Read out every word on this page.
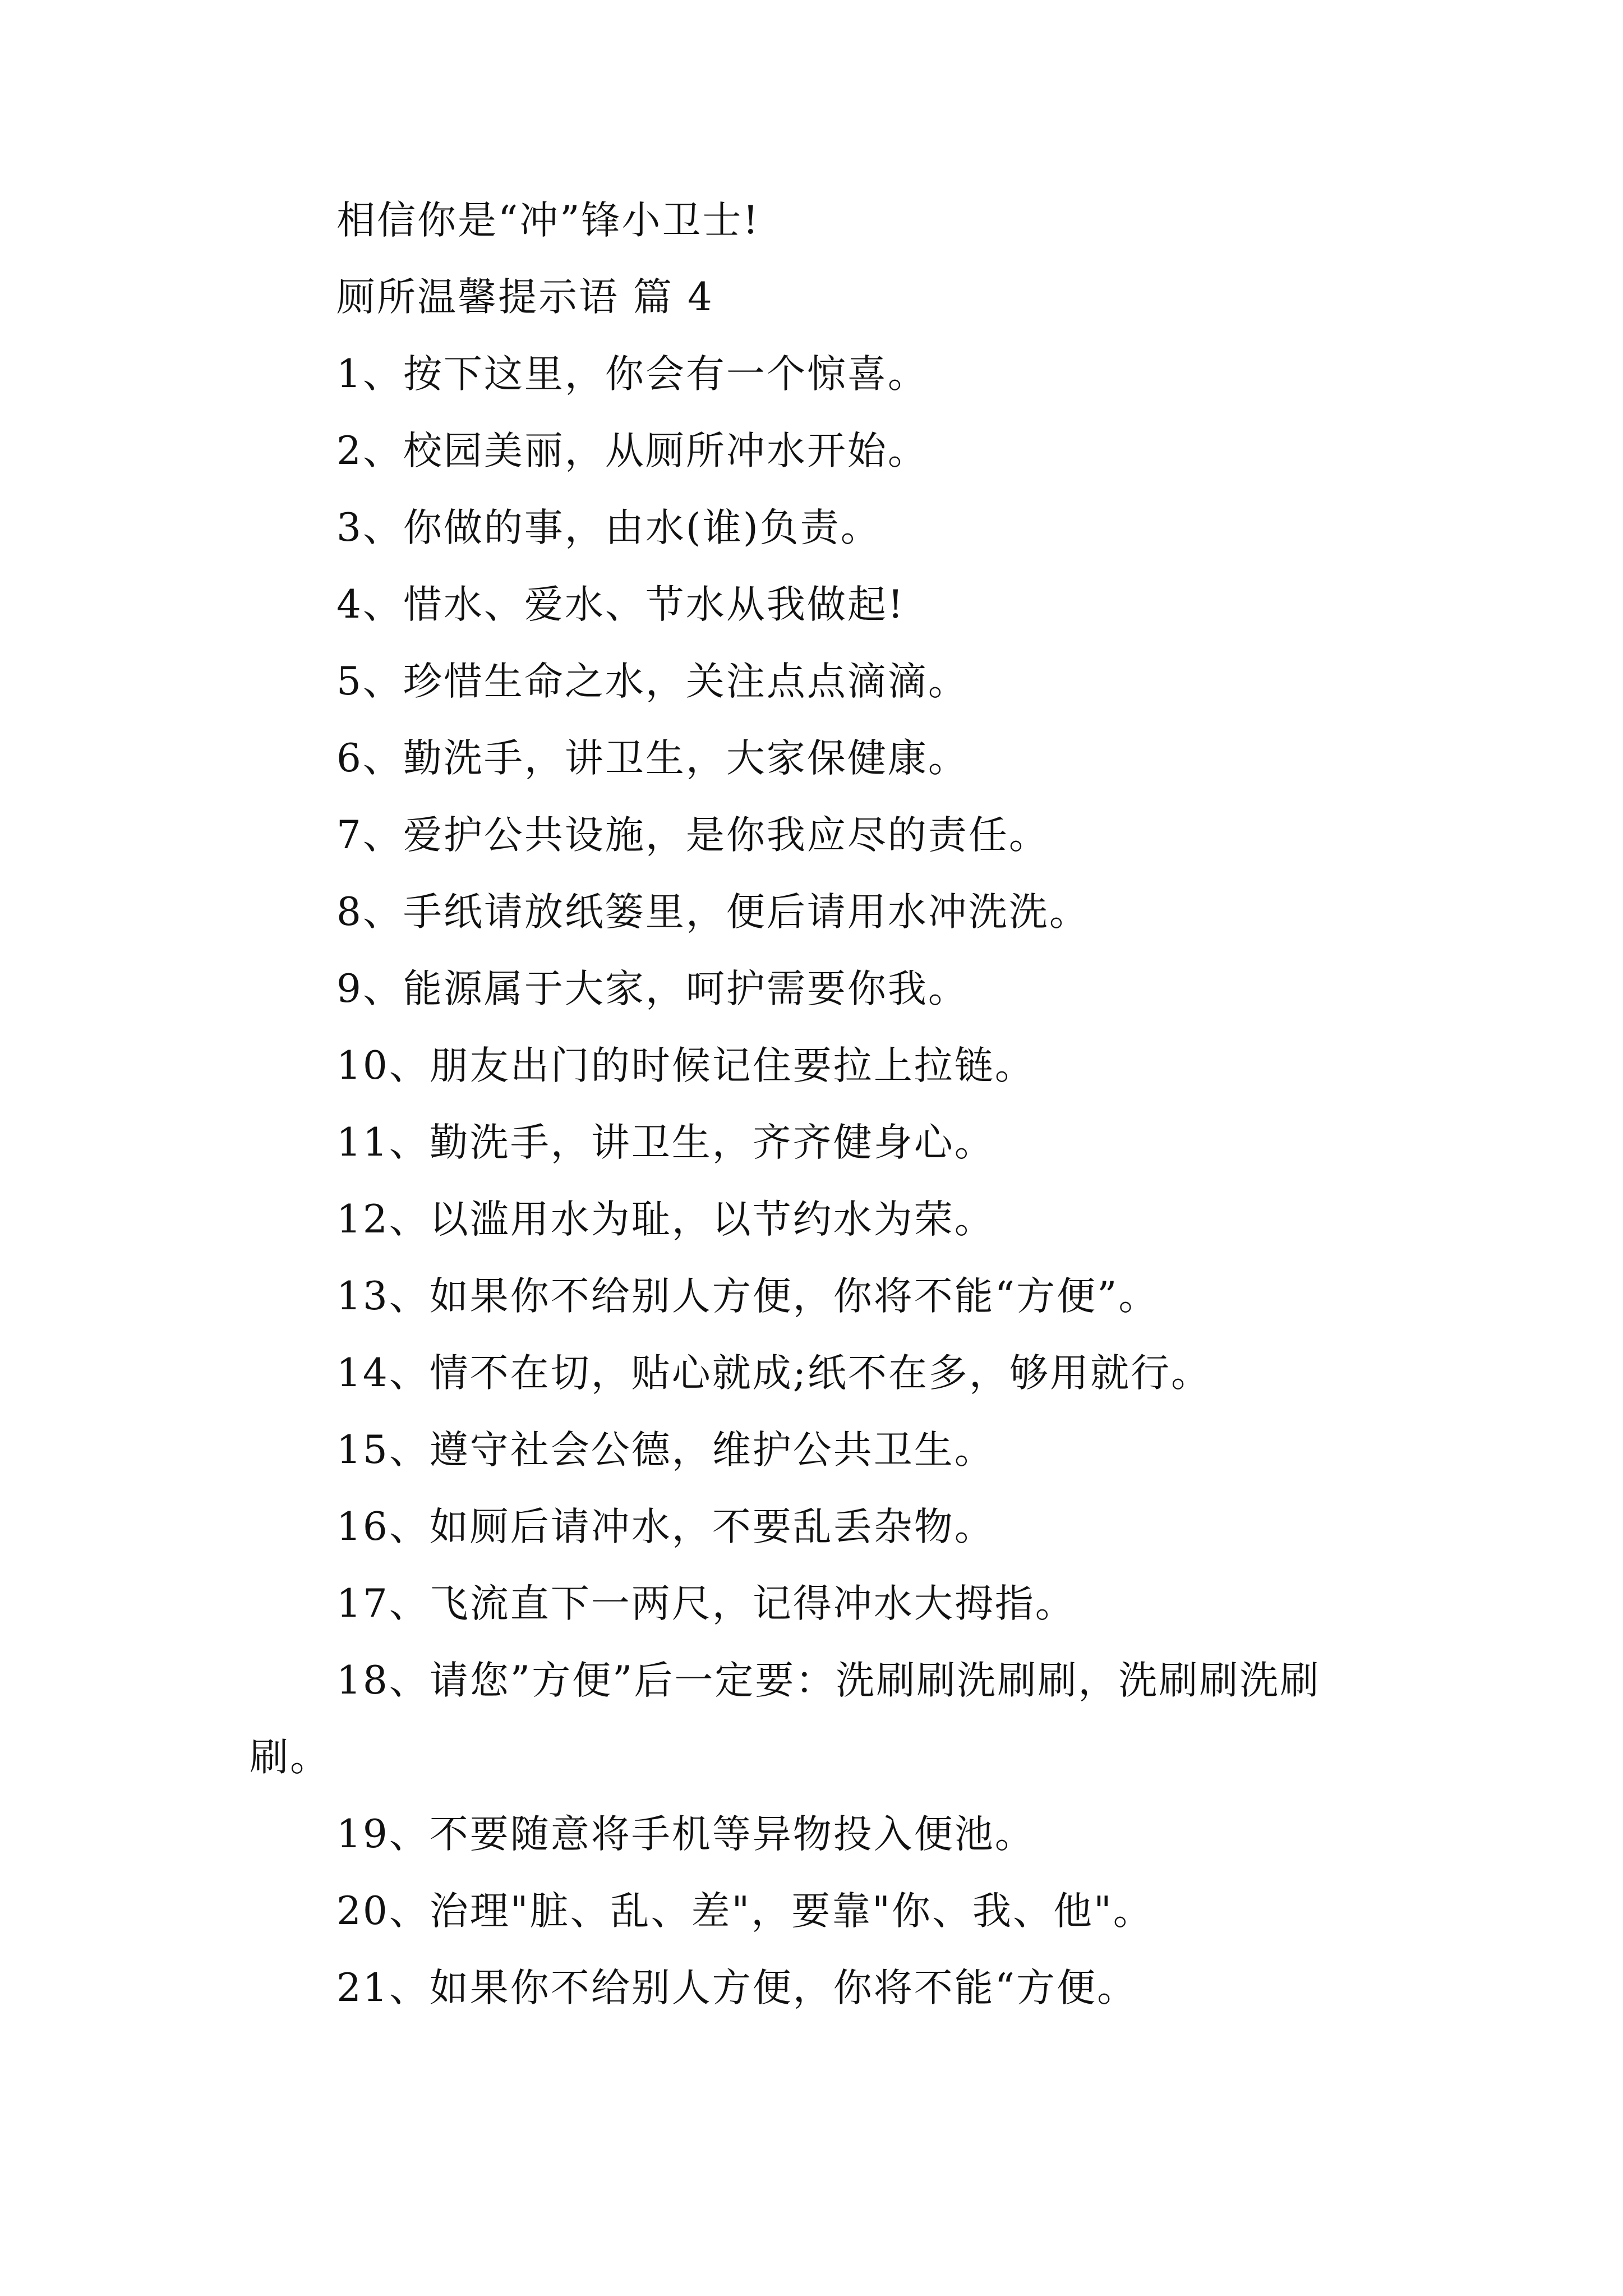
相信你是“冲”锋小卫士!

厕所温馨提示语 篇 4

1、按下这里，你会有一个惊喜。

2、校园美丽，从厕所冲水开始。

3、你做的事，由水(谁)负责。

4、惜水、爱水、节水从我做起!

5、珍惜生命之水，关注点点滴滴。

6、勤洗手，讲卫生，大家保健康。

7、爱护公共设施，是你我应尽的责任。

8、手纸请放纸篓里，便后请用水冲洗洗。

9、能源属于大家，呵护需要你我。

10、朋友出门的时候记住要拉上拉链。

11、勤洗手，讲卫生，齐齐健身心。

12、以滥用水为耻，以节约水为荣。

13、如果你不给别人方便，你将不能“方便”。

14、情不在切，贴心就成;纸不在多，够用就行。

15、遵守社会公德，维护公共卫生。

16、如厕后请冲水，不要乱丢杂物。

17、飞流直下一两尺，记得冲水大拇指。

18、请您”方便”后一定要：洗刷刷洗刷刷，洗刷刷洗刷刷。

19、不要随意将手机等异物投入便池。

20、治理"脏、乱、差"，要靠"你、我、他"。

21、如果你不给别人方便，你将不能“方便。
